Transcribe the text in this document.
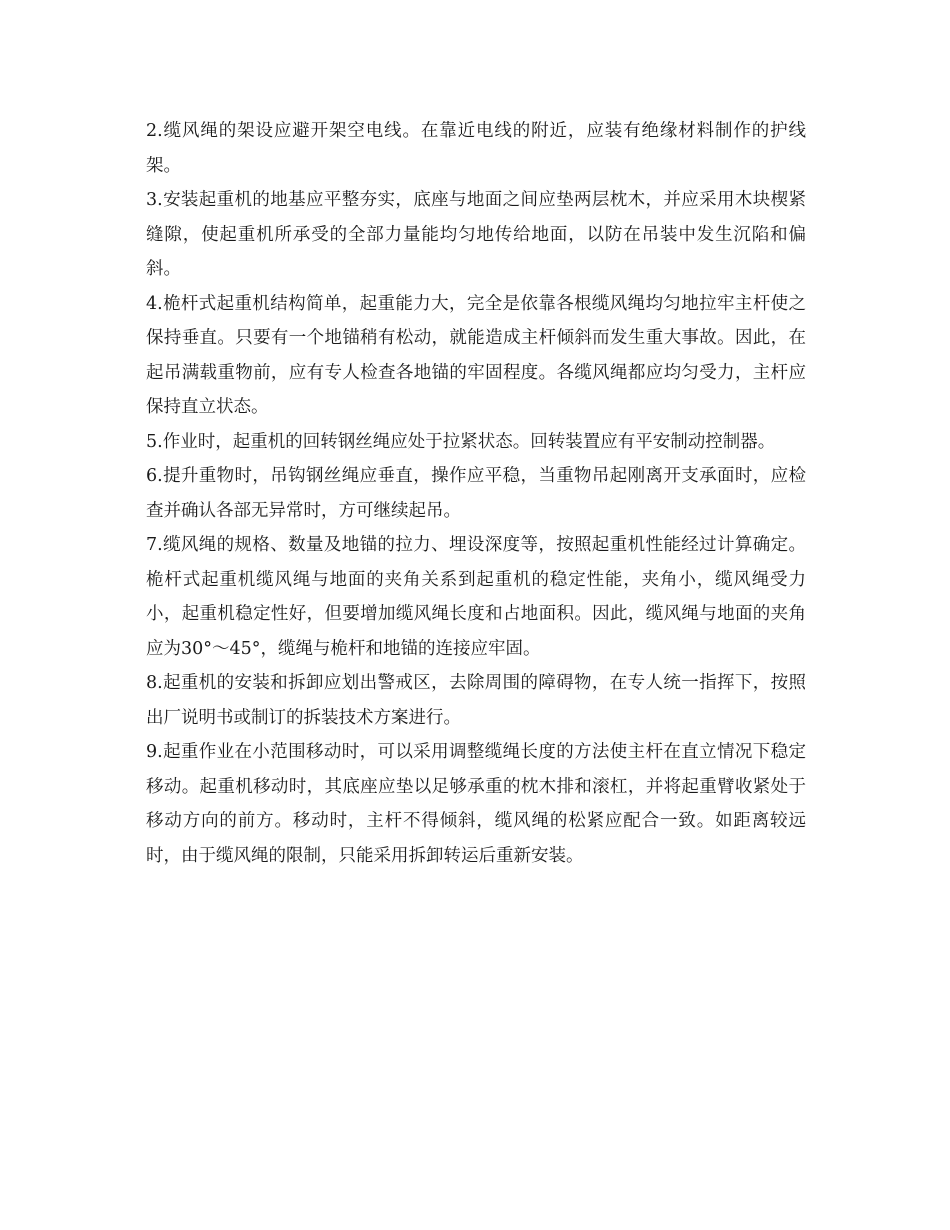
2.缆风绳的架设应避开架空电线。在靠近电线的附近，应装有绝缘材料制作的护线架。

3.安装起重机的地基应平整夯实，底座与地面之间应垫两层枕木，并应采用木块楔紧缝隙，使起重机所承受的全部力量能均匀地传给地面，以防在吊装中发生沉陷和偏斜。

4.桅杆式起重机结构简单，起重能力大，完全是依靠各根缆风绳均匀地拉牢主杆使之保持垂直。只要有一个地锚稍有松动，就能造成主杆倾斜而发生重大事故。因此，在起吊满载重物前，应有专人检查各地锚的牢固程度。各缆风绳都应均匀受力，主杆应保持直立状态。

5.作业时，起重机的回转钢丝绳应处于拉紧状态。回转装置应有平安制动控制器。

6.提升重物时，吊钩钢丝绳应垂直，操作应平稳，当重物吊起刚离开支承面时，应检查并确认各部无异常时，方可继续起吊。

7.缆风绳的规格、数量及地锚的拉力、埋设深度等，按照起重机性能经过计算确定。桅杆式起重机缆风绳与地面的夹角关系到起重机的稳定性能，夹角小，缆风绳受力小，起重机稳定性好，但要增加缆风绳长度和占地面积。因此，缆风绳与地面的夹角应为30°～45°，缆绳与桅杆和地锚的连接应牢固。

8.起重机的安装和拆卸应划出警戒区，去除周围的障碍物，在专人统一指挥下，按照出厂说明书或制订的拆装技术方案进行。

9.起重作业在小范围移动时，可以采用调整缆绳长度的方法使主杆在直立情况下稳定移动。起重机移动时，其底座应垫以足够承重的枕木排和滚杠，并将起重臂收紧处于移动方向的前方。移动时，主杆不得倾斜，缆风绳的松紧应配合一致。如距离较远时，由于缆风绳的限制，只能采用拆卸转运后重新安装。
